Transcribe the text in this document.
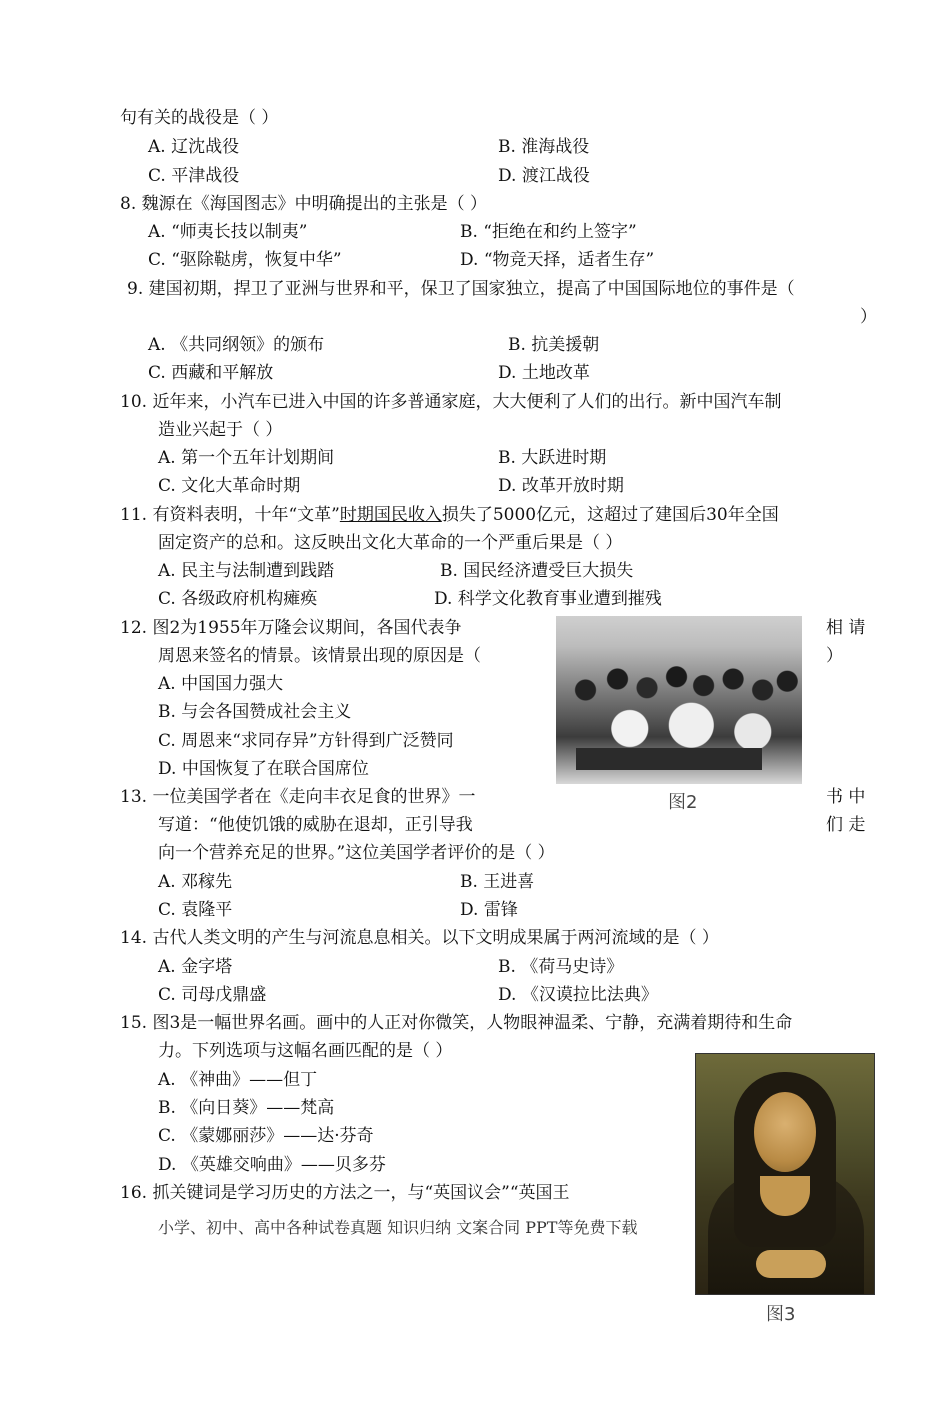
句有关的战役是（ ）
A. 辽沈战役	B. 淮海战役
C. 平津战役	D. 渡江战役
8. 魏源在《海国图志》中明确提出的主张是（ ）
A. “师夷长技以制夷”	B. “拒绝在和约上签字”
C. “驱除鞑虏，恢复中华”	D. “物竞天择，适者生存”
9. 建国初期，捍卫了亚洲与世界和平，保卫了国家独立，提高了中国国际地位的事件是（
）
A. 《共同纲领》的颁布	B. 抗美援朝
C. 西藏和平解放	D. 土地改革
10. 近年来，小汽车已进入中国的许多普通家庭，大大便利了人们的出行。新中国汽车制
造业兴起于（ ）
A. 第一个五年计划期间	B. 大跃进时期
C. 文化大革命时期	D. 改革开放时期
11. 有资料表明，十年“文革”时期国民收入损失了5000亿元，这超过了建国后30年全国
固定资产的总和。这反映出文化大革命的一个严重后果是（ ）
A. 民主与法制遭到践踏	B. 国民经济遭受巨大损失
C. 各级政府机构瘫痪	D. 科学文化教育事业遭到摧残
12. 图2为1955年万隆会议期间，各国代表争	相 请
周恩来签名的情景。该情景出现的原因是（	）
A. 中国国力强大
B. 与会各国赞成社会主义
C. 周恩来“求同存异”方针得到广泛赞同
D. 中国恢复了在联合国席位
图2
13. 一位美国学者在《走向丰衣足食的世界》一	书 中
写道：“他使饥饿的威胁在退却，正引导我	们 走
向一个营养充足的世界。”这位美国学者评价的是（ ）
A. 邓稼先	B. 王进喜
C. 袁隆平	D. 雷锋
14. 古代人类文明的产生与河流息息相关。以下文明成果属于两河流域的是（ ）
A. 金字塔	B. 《荷马史诗》
C. 司母戊鼎盛	D. 《汉谟拉比法典》
15. 图3是一幅世界名画。画中的人正对你微笑，人物眼神温柔、宁静，充满着期待和生命
力。下列选项与这幅名画匹配的是（ ）
A. 《神曲》——但丁
B. 《向日葵》——梵高
C. 《蒙娜丽莎》——达·芬奇
D. 《英雄交响曲》——贝多芬
图3
16. 抓关键词是学习历史的方法之一，与“英国议会”“英国王
小学、初中、高中各种试卷真题 知识归纳 文案合同 PPT等免费下载
